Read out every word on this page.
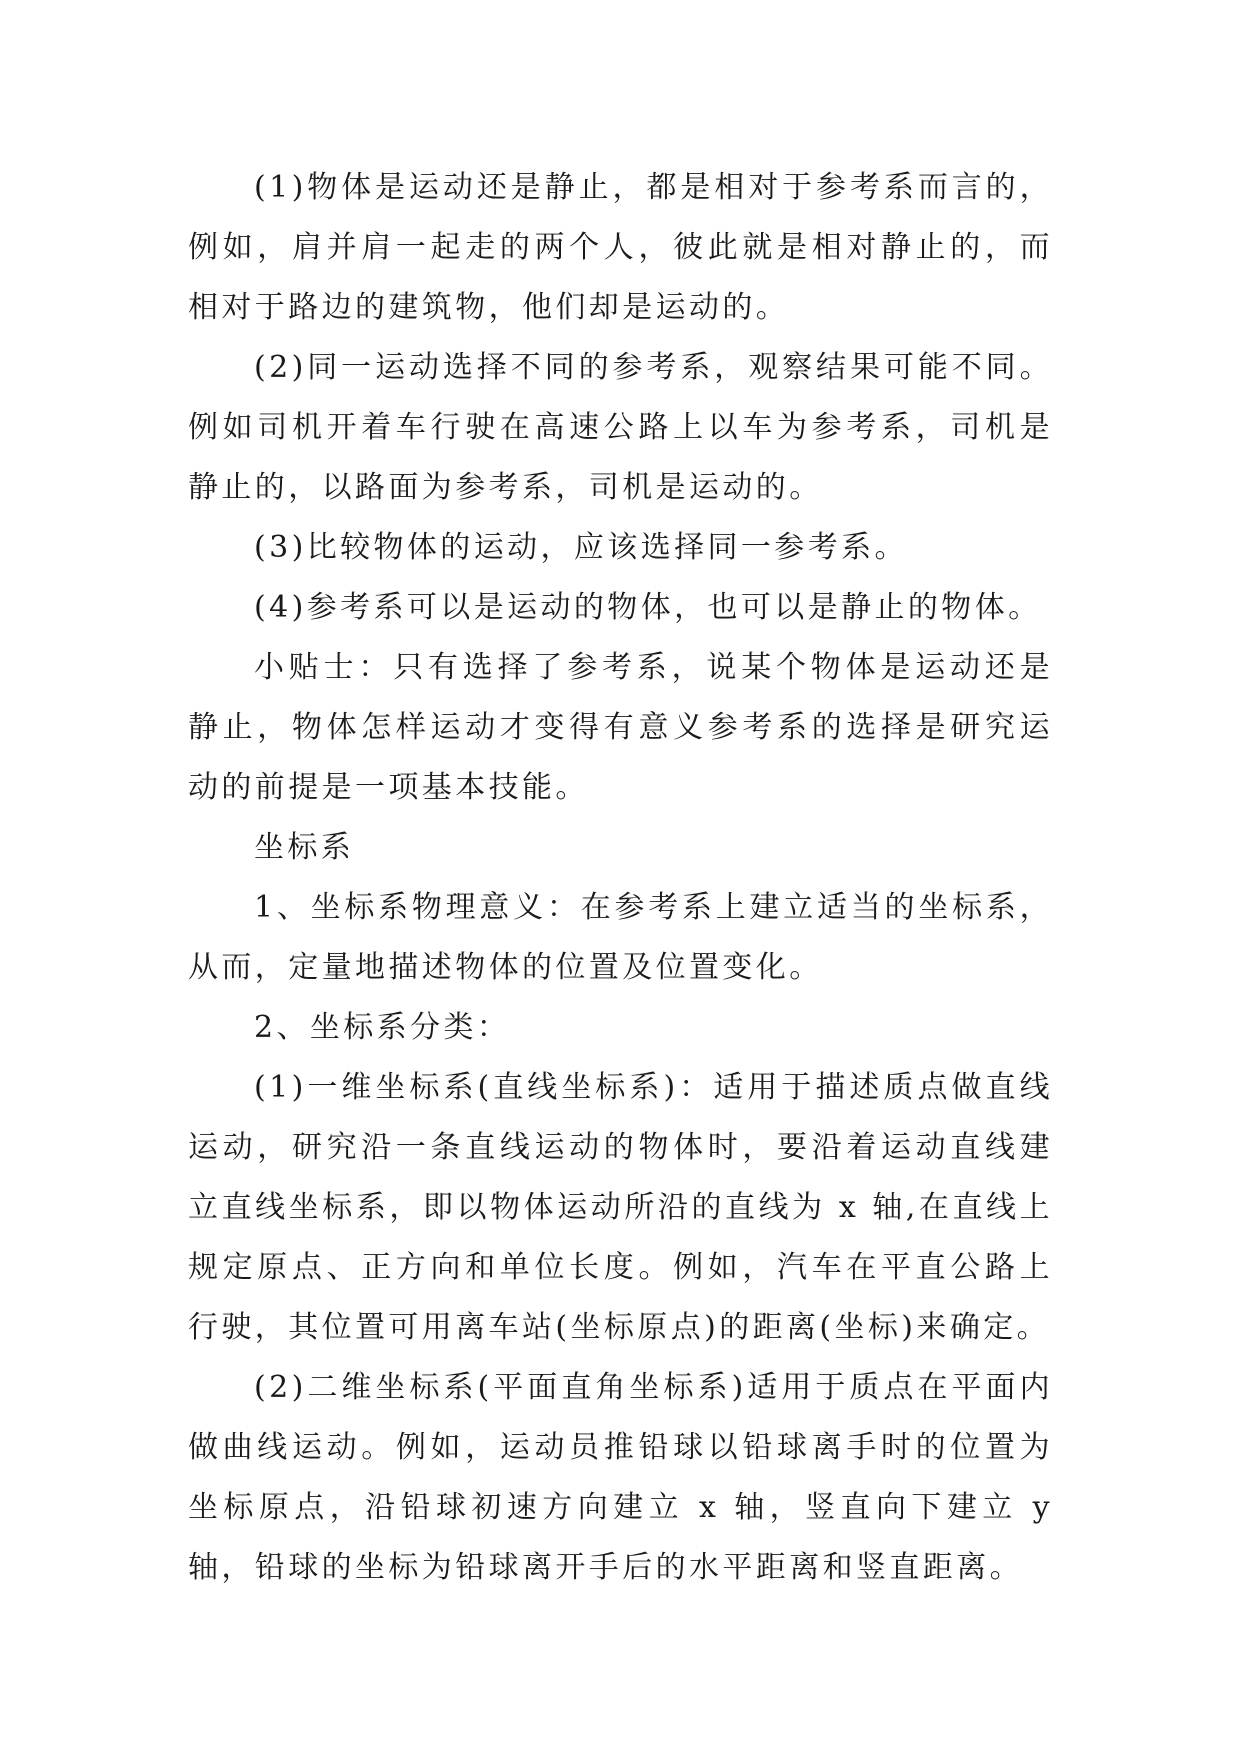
(1)物体是运动还是静止，都是相对于参考系而言的，例如，肩并肩一起走的两个人，彼此就是相对静止的，而相对于路边的建筑物，他们却是运动的。

(2)同一运动选择不同的参考系，观察结果可能不同。例如司机开着车行驶在高速公路上以车为参考系，司机是静止的，以路面为参考系，司机是运动的。

(3)比较物体的运动，应该选择同一参考系。

(4)参考系可以是运动的物体，也可以是静止的物体。

小贴士：只有选择了参考系，说某个物体是运动还是静止，物体怎样运动才变得有意义参考系的选择是研究运动的前提是一项基本技能。

坐标系

1、坐标系物理意义：在参考系上建立适当的坐标系，从而，定量地描述物体的位置及位置变化。

2、坐标系分类：

(1)一维坐标系(直线坐标系)：适用于描述质点做直线运动，研究沿一条直线运动的物体时，要沿着运动直线建立直线坐标系，即以物体运动所沿的直线为 x 轴,在直线上规定原点、正方向和单位长度。例如，汽车在平直公路上行驶，其位置可用离车站(坐标原点)的距离(坐标)来确定。

(2)二维坐标系(平面直角坐标系)适用于质点在平面内做曲线运动。例如，运动员推铅球以铅球离手时的位置为坐标原点，沿铅球初速方向建立 x 轴，竖直向下建立 y 轴，铅球的坐标为铅球离开手后的水平距离和竖直距离。
